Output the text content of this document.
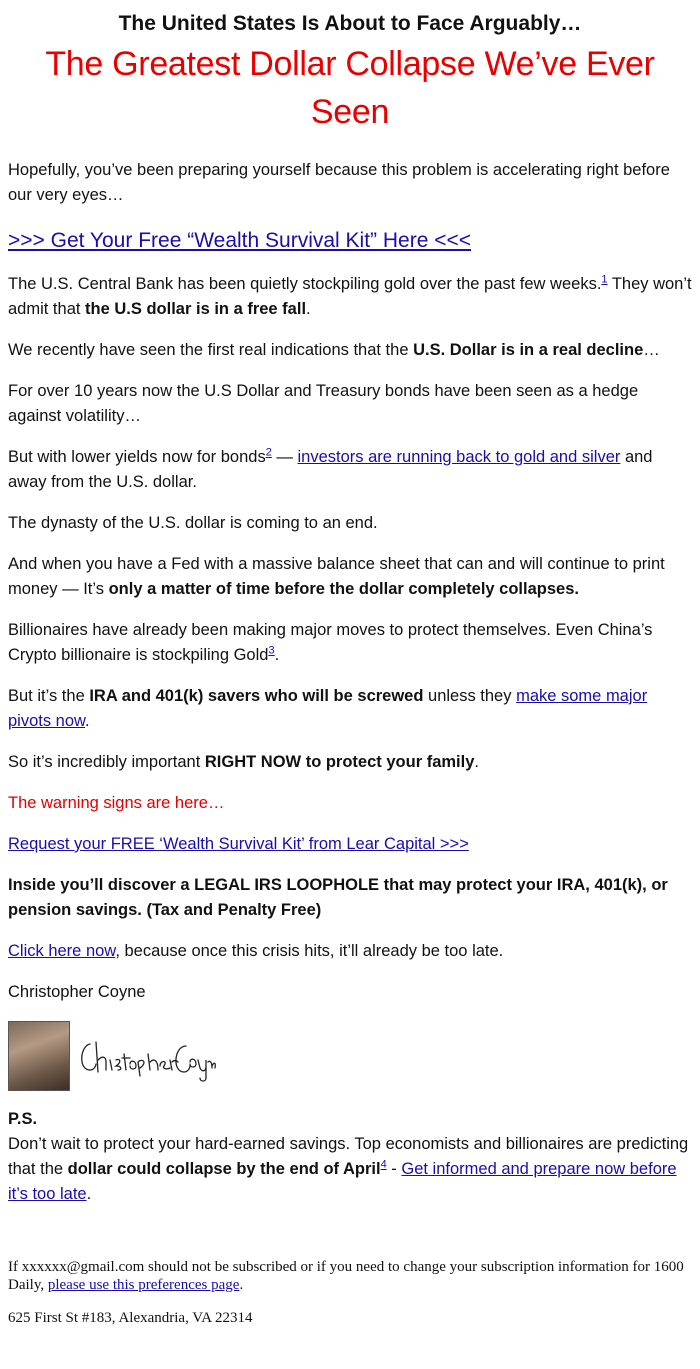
The United States Is About to Face Arguably…
The Greatest Dollar Collapse We’ve Ever Seen

Hopefully, you’ve been preparing yourself because this problem is accelerating right before our very eyes…

>>> Get Your Free “Wealth Survival Kit” Here <<<

The U.S. Central Bank has been quietly stockpiling gold over the past few weeks.$^1$ They won’t admit that the U.S dollar is in a free fall.

We recently have seen the first real indications that the U.S. Dollar is in a real decline…

For over 10 years now the U.S Dollar and Treasury bonds have been seen as a hedge against volatility…

But with lower yields now for bonds$^2$ — investors are running back to gold and silver and away from the U.S. dollar.

The dynasty of the U.S. dollar is coming to an end.

And when you have a Fed with a massive balance sheet that can and will continue to print money — It’s only a matter of time before the dollar completely collapses.

Billionaires have already been making major moves to protect themselves. Even China’s Crypto billionaire is stockpiling Gold$^3$.

But it’s the IRA and 401(k) savers who will be screwed unless they make some major pivots now.

So it’s incredibly important RIGHT NOW to protect your family.

The warning signs are here…

Request your FREE ‘Wealth Survival Kit’ from Lear Capital >>>

Inside you’ll discover a LEGAL IRS LOOPHOLE that may protect your IRA, 401(k), or pension savings. (Tax and Penalty Free)

Click here now, because once this crisis hits, it’ll already be too late.

Christopher Coyne

P.S.

Don’t wait to protect your hard-earned savings. Top economists and billionaires are predicting that the dollar could collapse by the end of April$^4$ - Get informed and prepare now before it’s too late.

If xxxxxx@gmail.com should not be subscribed or if you need to change your subscription information for 1600 Daily, please use this preferences page.
625 First St #183, Alexandria, VA 22314
